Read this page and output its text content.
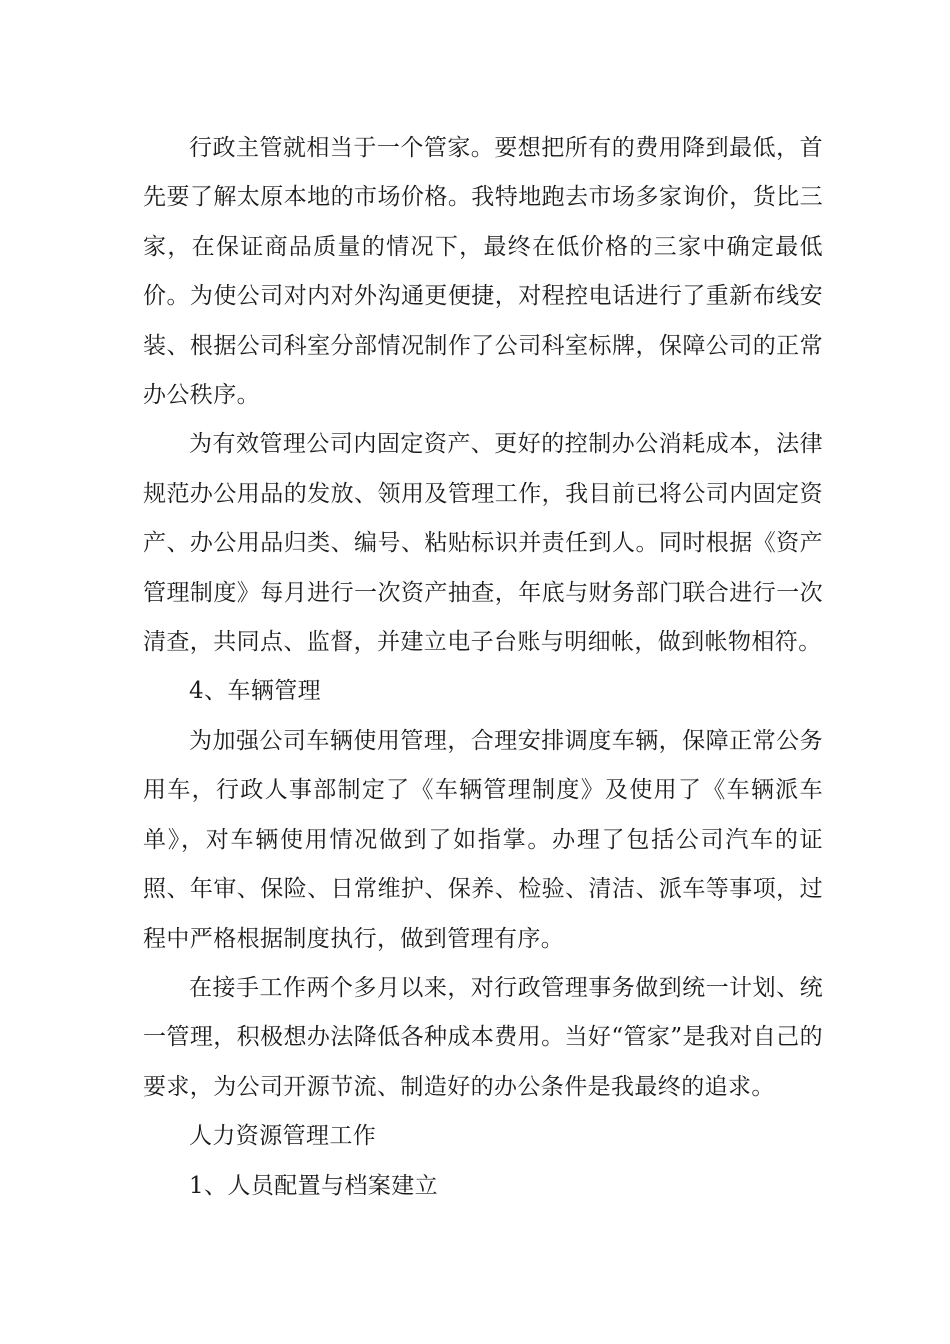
行政主管就相当于一个管家。要想把所有的费用降到最低，首先要了解太原本地的市场价格。我特地跑去市场多家询价，货比三家，在保证商品质量的情况下，最终在低价格的三家中确定最低价。为使公司对内对外沟通更便捷，对程控电话进行了重新布线安装、根据公司科室分部情况制作了公司科室标牌，保障公司的正常办公秩序。

为有效管理公司内固定资产、更好的控制办公消耗成本，法律规范办公用品的发放、领用及管理工作，我目前已将公司内固定资产、办公用品归类、编号、粘贴标识并责任到人。同时根据《资产管理制度》每月进行一次资产抽查，年底与财务部门联合进行一次清查，共同点、监督，并建立电子台账与明细帐，做到帐物相符。

4、车辆管理

为加强公司车辆使用管理，合理安排调度车辆，保障正常公务用车，行政人事部制定了《车辆管理制度》及使用了《车辆派车单》，对车辆使用情况做到了如指掌。办理了包括公司汽车的证照、年审、保险、日常维护、保养、检验、清洁、派车等事项，过程中严格根据制度执行，做到管理有序。

在接手工作两个多月以来，对行政管理事务做到统一计划、统一管理，积极想办法降低各种成本费用。当好“管家”是我对自己的要求，为公司开源节流、制造好的办公条件是我最终的追求。

人力资源管理工作

1、人员配置与档案建立
